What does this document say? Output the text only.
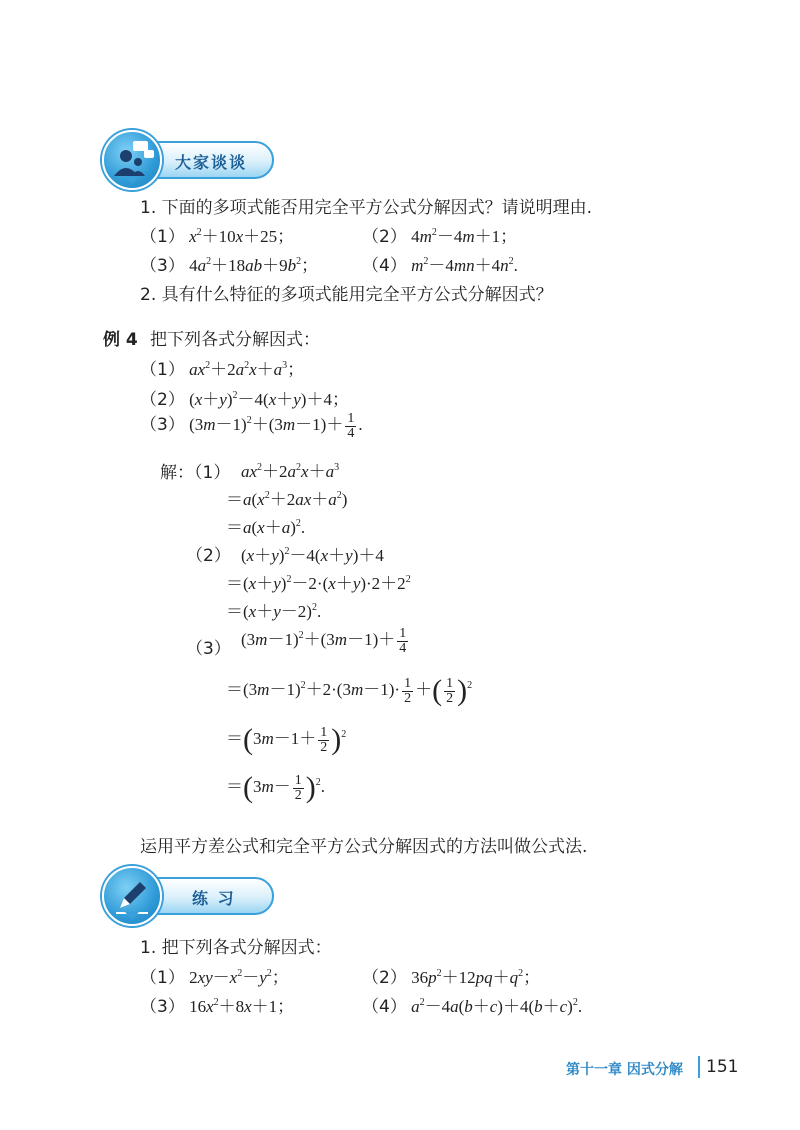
大家谈谈
1. 下面的多项式能否用完全平方公式分解因式？请说明理由.
（1） $x^2+10x+25$；	（2） $4m^2-4m+1$；
（3） $4a^2+18ab+9b^2$；	（4） $m^2-4mn+4n^2$.
2. 具有什么特征的多项式能用完全平方公式分解因式？
例 4 把下列各式分解因式：
（1） $ax^2+2a^2x+a^3$；
（2） $(x+y)^2-4(x+y)+4$；
（3） $(3m-1)^2+(3m-1)+ \frac{1}{4}$ .
解：（1） $ax^2+2a^2x+a^3$
$=a(x^2+2ax+a^2)$
$=a(x+a)^2$.
（2） $(x+y)^2-4(x+y)+4$
$=(x+y)^2-2\cdot(x+y)\cdot 2+2^2$
$=(x+y-2)^2$.
（3） $(3m-1)^2+(3m-1)+ \frac{1}{4}$
$=(3m-1)^2+2\cdot(3m-1)\cdot \frac{1}{2}$ ＋( $\frac{1}{2} )^2$
$=(3m-1+ \frac{1}{2} )^2$
$=(3m- \frac{1}{2} )^2$.
运用平方差公式和完全平方公式分解因式的方法叫做公式法.
练 习
1. 把下列各式分解因式：
（1） $2xy-x^2-y^2$；	（2） $36p^2+12pq+q^2$；
（3） $16x^2+8x+1$；	（4） $a^2-4a(b+c)+4(b+c)^2$.
第十一章 因式分解 151
